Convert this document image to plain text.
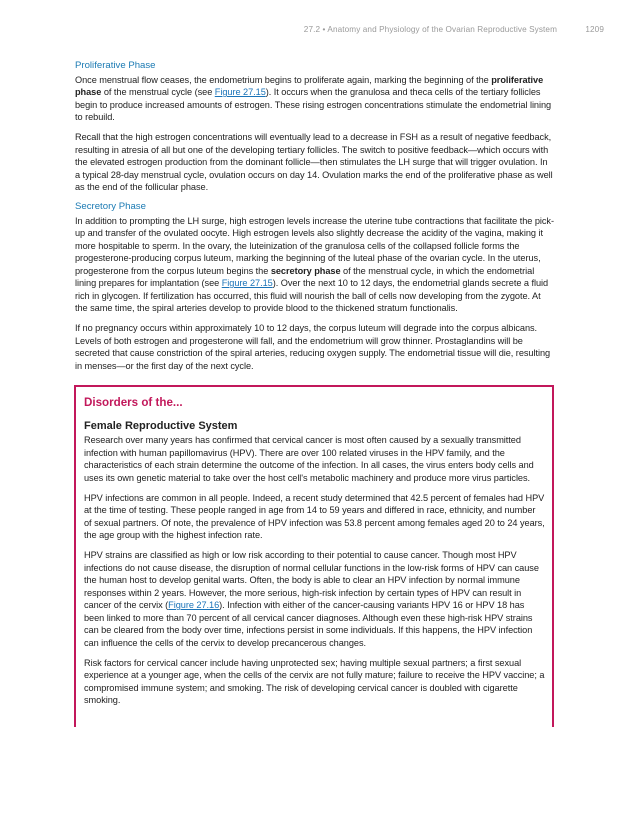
27.2 • Anatomy and Physiology of the Ovarian Reproductive System	1209
Proliferative Phase

Once menstrual flow ceases, the endometrium begins to proliferate again, marking the beginning of the proliferative phase of the menstrual cycle (see Figure 27.15). It occurs when the granulosa and theca cells of the tertiary follicles begin to produce increased amounts of estrogen. These rising estrogen concentrations stimulate the endometrial lining to rebuild.

Recall that the high estrogen concentrations will eventually lead to a decrease in FSH as a result of negative feedback, resulting in atresia of all but one of the developing tertiary follicles. The switch to positive feedback—which occurs with the elevated estrogen production from the dominant follicle—then stimulates the LH surge that will trigger ovulation. In a typical 28-day menstrual cycle, ovulation occurs on day 14. Ovulation marks the end of the proliferative phase as well as the end of the follicular phase.

Secretory Phase

In addition to prompting the LH surge, high estrogen levels increase the uterine tube contractions that facilitate the pick-up and transfer of the ovulated oocyte. High estrogen levels also slightly decrease the acidity of the vagina, making it more hospitable to sperm. In the ovary, the luteinization of the granulosa cells of the collapsed follicle forms the progesterone-producing corpus luteum, marking the beginning of the luteal phase of the ovarian cycle. In the uterus, progesterone from the corpus luteum begins the secretory phase of the menstrual cycle, in which the endometrial lining prepares for implantation (see Figure 27.15). Over the next 10 to 12 days, the endometrial glands secrete a fluid rich in glycogen. If fertilization has occurred, this fluid will nourish the ball of cells now developing from the zygote. At the same time, the spiral arteries develop to provide blood to the thickened stratum functionalis.

If no pregnancy occurs within approximately 10 to 12 days, the corpus luteum will degrade into the corpus albicans. Levels of both estrogen and progesterone will fall, and the endometrium will grow thinner. Prostaglandins will be secreted that cause constriction of the spiral arteries, reducing oxygen supply. The endometrial tissue will die, resulting in menses—or the first day of the next cycle.

Disorders of the...
Female Reproductive System

Research over many years has confirmed that cervical cancer is most often caused by a sexually transmitted infection with human papillomavirus (HPV). There are over 100 related viruses in the HPV family, and the characteristics of each strain determine the outcome of the infection. In all cases, the virus enters body cells and uses its own genetic material to take over the host cell's metabolic machinery and produce more virus particles.

HPV infections are common in all people. Indeed, a recent study determined that 42.5 percent of females had HPV at the time of testing. These people ranged in age from 14 to 59 years and differed in race, ethnicity, and number of sexual partners. Of note, the prevalence of HPV infection was 53.8 percent among females aged 20 to 24 years, the age group with the highest infection rate.

HPV strains are classified as high or low risk according to their potential to cause cancer. Though most HPV infections do not cause disease, the disruption of normal cellular functions in the low-risk forms of HPV can cause the human host to develop genital warts. Often, the body is able to clear an HPV infection by normal immune responses within 2 years. However, the more serious, high-risk infection by certain types of HPV can result in cancer of the cervix (Figure 27.16). Infection with either of the cancer-causing variants HPV 16 or HPV 18 has been linked to more than 70 percent of all cervical cancer diagnoses. Although even these high-risk HPV strains can be cleared from the body over time, infections persist in some individuals. If this happens, the HPV infection can influence the cells of the cervix to develop precancerous changes.

Risk factors for cervical cancer include having unprotected sex; having multiple sexual partners; a first sexual experience at a younger age, when the cells of the cervix are not fully mature; failure to receive the HPV vaccine; a compromised immune system; and smoking. The risk of developing cervical cancer is doubled with cigarette smoking.
